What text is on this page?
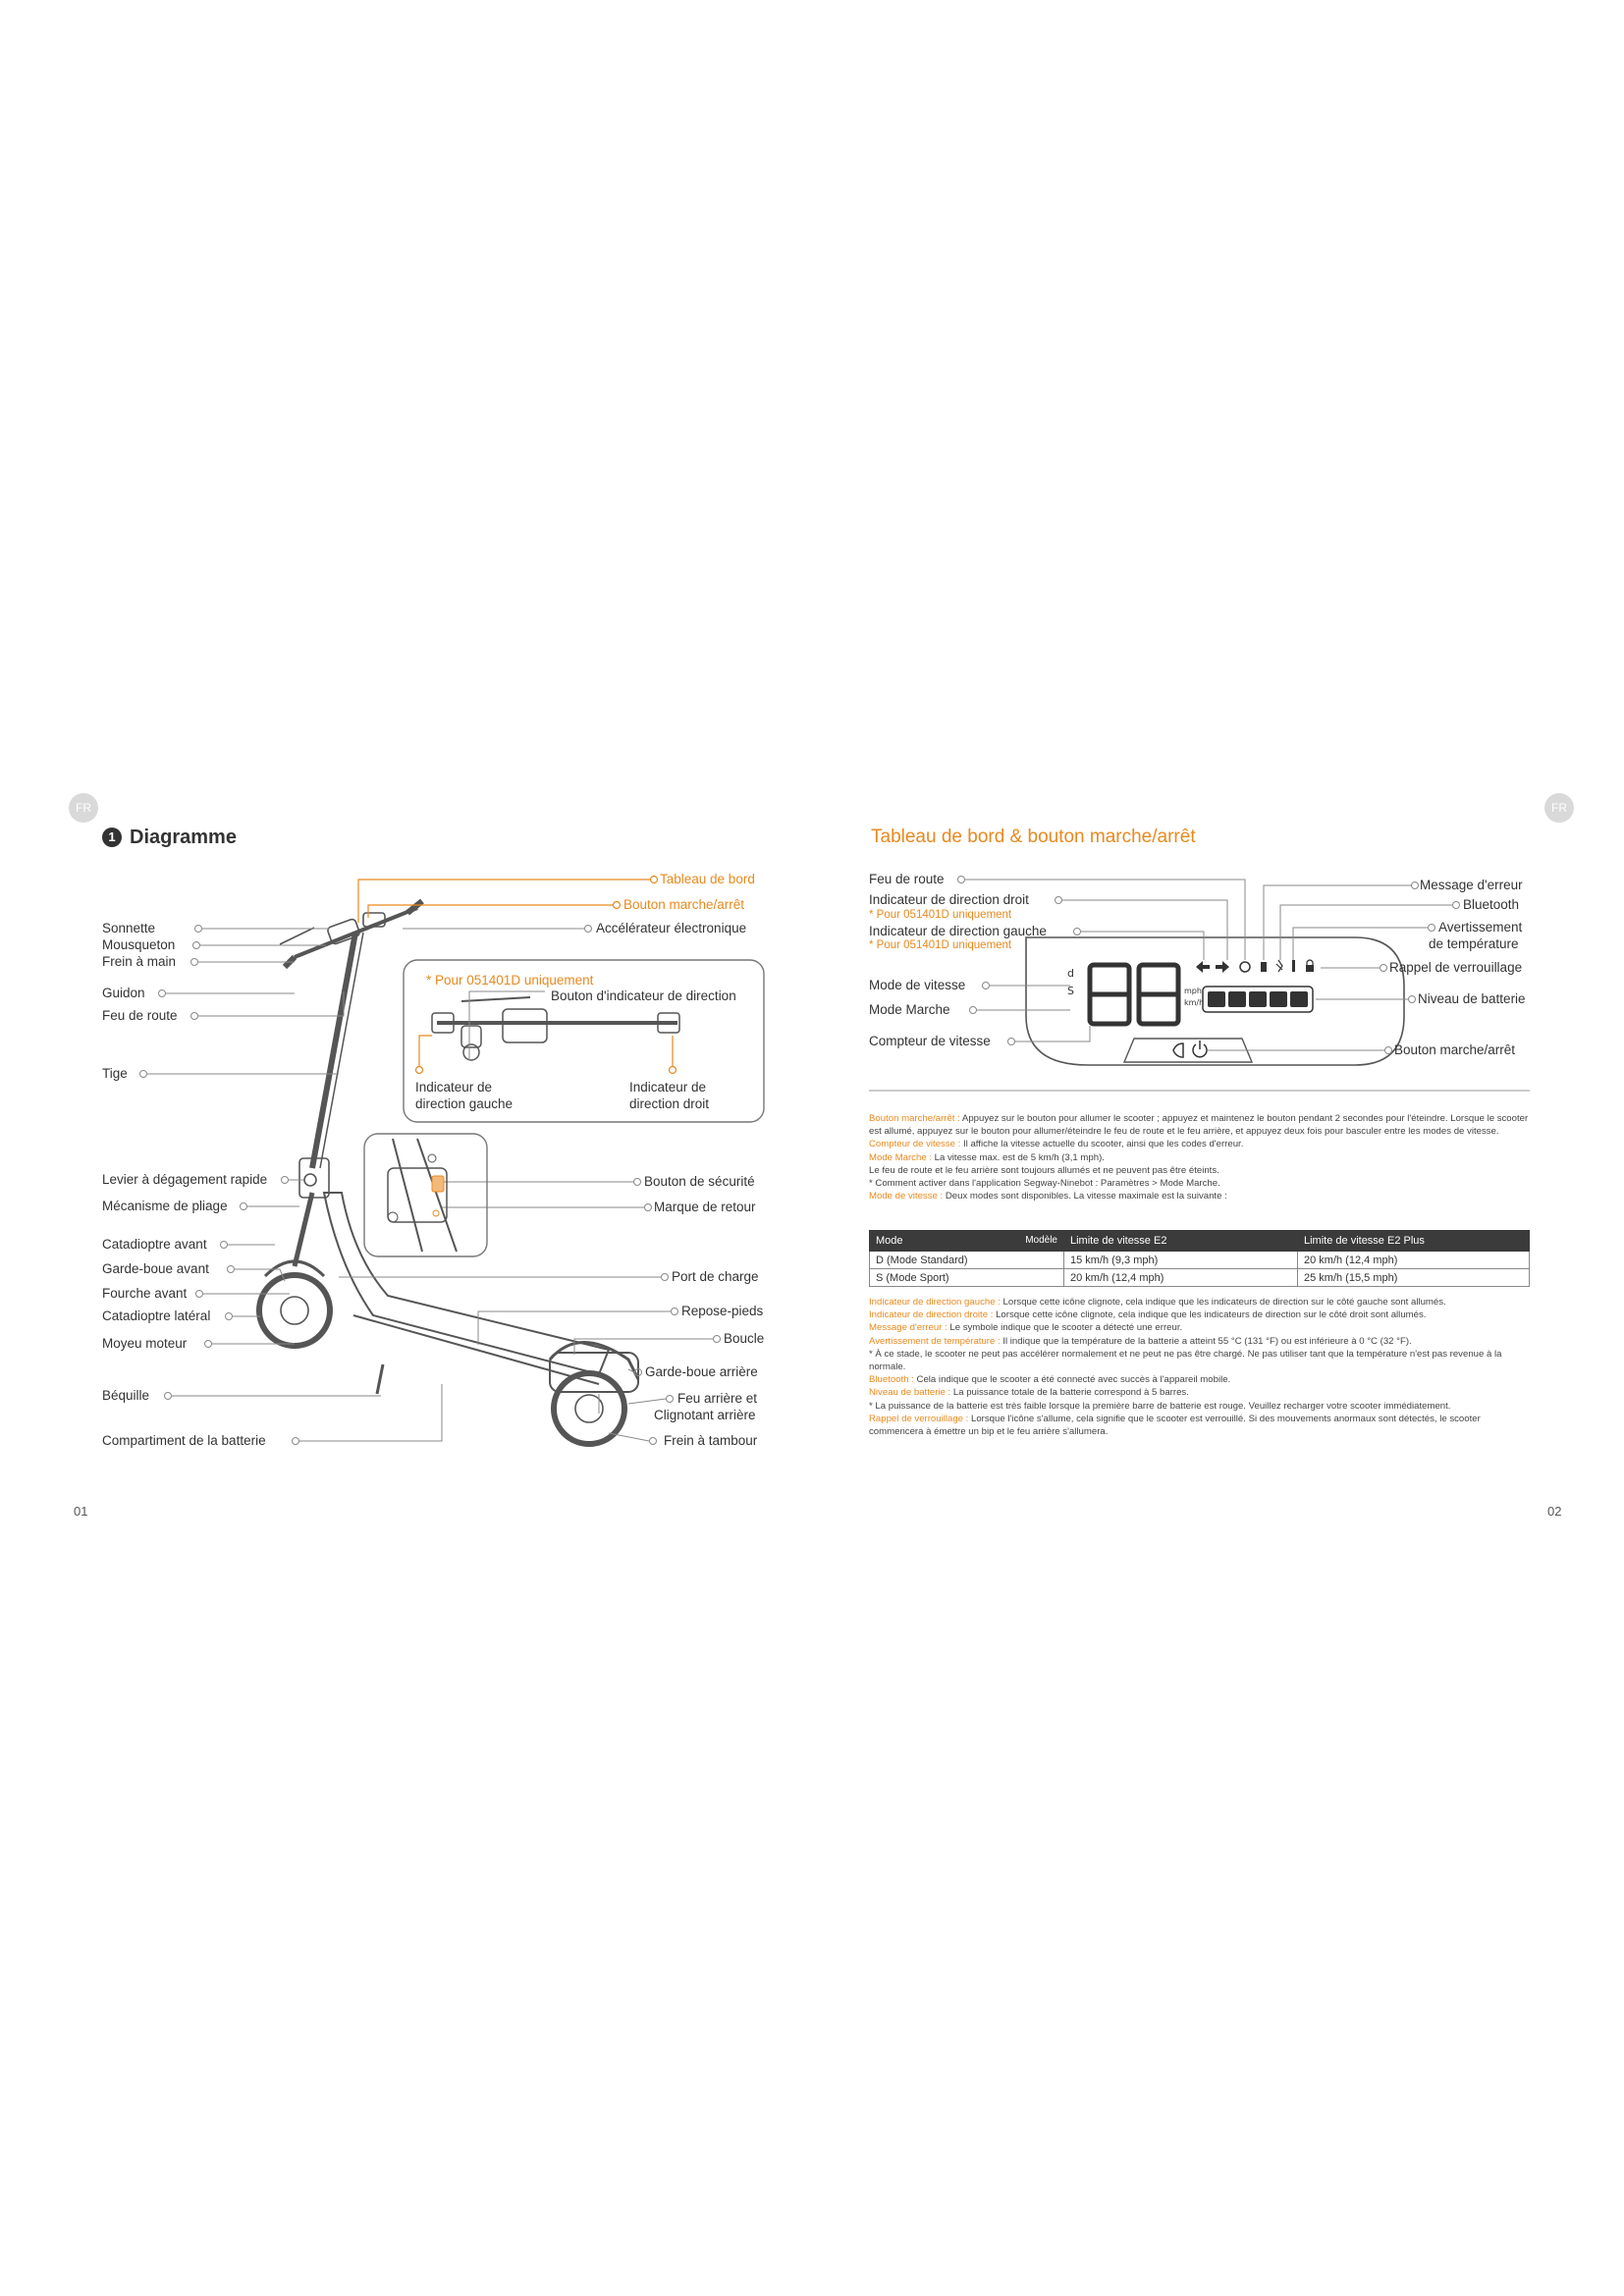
FR	FR
01	02
1 Diagramme
Sonnette
Mousqueton
Frein à main
Guidon
Feu de route
Tige
Levier à dégagement rapide
Mécanisme de pliage
Catadioptre avant
Garde-boue avant
Fourche avant
Catadioptre latéral
Moyeu moteur
Béquille
Compartiment de la batterie
Tableau de bord
Bouton marche/arrêt
Accélérateur électronique
Bouton de sécurité
Marque de retour
Port de charge
Repose-pieds
Boucle
Garde-boue arrière
Feu arrière et
Clignotant arrière
Frein à tambour
* Pour 051401D uniquement
Bouton d'indicateur de direction
Indicateur de
direction gauche
Indicateur de
direction droit
Tableau de bord & bouton marche/arrêt
d
S	mph
km/h
Feu de route
Indicateur de direction droit
* Pour 051401D uniquement
Indicateur de direction gauche
* Pour 051401D uniquement
Mode de vitesse
Mode Marche
Compteur de vitesse
Message d'erreur
Bluetooth
Avertissement
de température
Rappel de verrouillage
Niveau de batterie
Bouton marche/arrêt

Bouton marche/arrêt : Appuyez sur le bouton pour allumer le scooter ; appuyez et maintenez le bouton pendant 2 secondes pour l'éteindre. Lorsque le scooter est allumé, appuyez sur le bouton pour allumer/éteindre le feu de route et le feu arrière, et appuyez deux fois pour basculer entre les modes de vitesse.

Compteur de vitesse : Il affiche la vitesse actuelle du scooter, ainsi que les codes d'erreur.

Mode Marche : La vitesse max. est de 5 km/h (3,1 mph).

Le feu de route et le feu arrière sont toujours allumés et ne peuvent pas être éteints.

* Comment activer dans l'application Segway-Ninebot : Paramètres > Mode Marche.

Mode de vitesse : Deux modes sont disponibles. La vitesse maximale est la suivante :

Mode Modèle	Limite de vitesse E2	Limite de vitesse E2 Plus
D (Mode Standard)	15 km/h (9,3 mph)	20 km/h (12,4 mph)
S (Mode Sport)	20 km/h (12,4 mph)	25 km/h (15,5 mph)

Indicateur de direction gauche : Lorsque cette icône clignote, cela indique que les indicateurs de direction sur le côté gauche sont allumés.

Indicateur de direction droite : Lorsque cette icône clignote, cela indique que les indicateurs de direction sur le côté droit sont allumés.

Message d'erreur : Le symbole indique que le scooter a détecté une erreur.

Avertissement de température : Il indique que la température de la batterie a atteint 55 °C (131 °F) ou est inférieure à 0 °C (32 °F).

* À ce stade, le scooter ne peut pas accélérer normalement et ne peut ne pas être chargé. Ne pas utiliser tant que la température n'est pas revenue à la normale.

Bluetooth : Cela indique que le scooter a été connecté avec succès à l'appareil mobile.

Niveau de batterie : La puissance totale de la batterie correspond à 5 barres.

* La puissance de la batterie est très faible lorsque la première barre de batterie est rouge. Veuillez recharger votre scooter immédiatement.

Rappel de verrouillage : Lorsque l'icône s'allume, cela signifie que le scooter est verrouillé. Si des mouvements anormaux sont détectés, le scooter commencera à émettre un bip et le feu arrière s'allumera.
